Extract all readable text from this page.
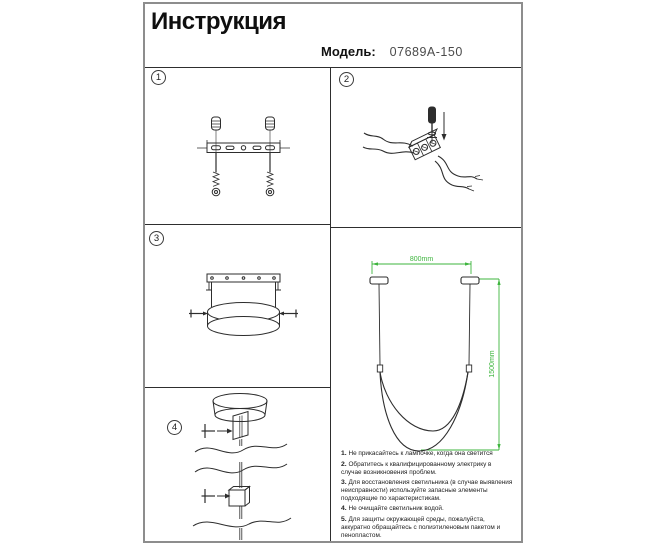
Инструкция
Модель: 07689A-150
1	2
3
4
800mm
1500mm
1. Не прикасайтесь к лампочке, когда она светится
2. Обратитесь к квалифицированному электрику в случае возникновения проблем.
3. Для восстановления светильника (в случае выявления неисправности) используйте запасные элементы подходящие по характеристикам.
4. Не очищайте светильник водой.
5. Для защиты окружающей среды, пожалуйста, аккуратно обращайтесь с полиэтиленовым пакетом и пенопластом.
